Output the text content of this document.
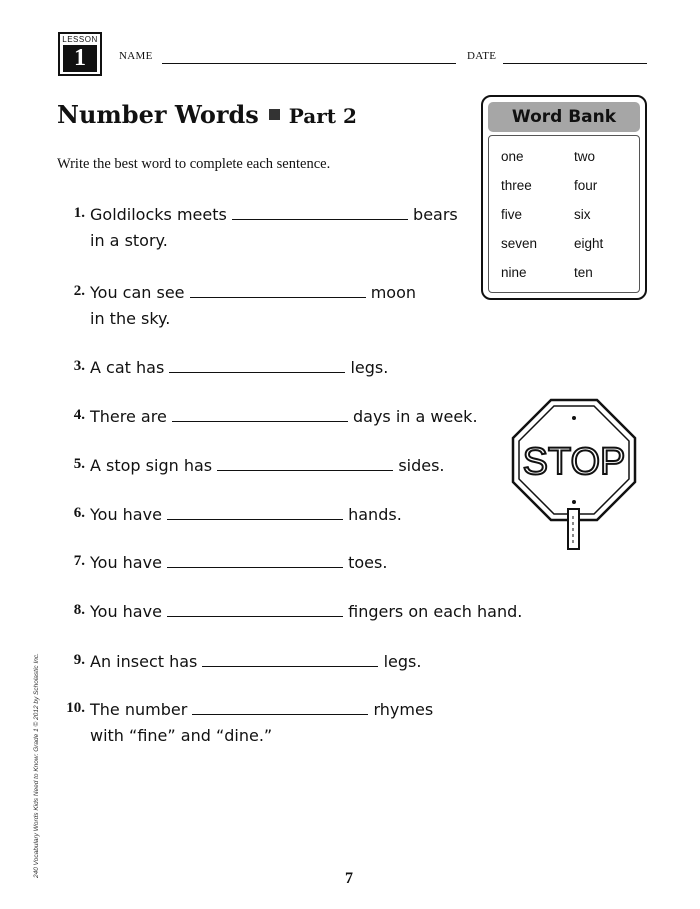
LESSON
1	NAME	DATE
Number Words Part 2
Write the best word to complete each sentence.
Word Bank
one	two
three	four
five	six
seven	eight
nine	ten
1. Goldilocks meets	bears
in a story.
2. You can see	moon
in the sky.
3. A cat has	legs.
4. There are	days in a week.
5. A stop sign has	sides.
6. You have	hands.
7. You have	toes.
8. You have	fingers on each hand.
9. An insect has	legs.
10. The number	rhymes
with “fine” and “dine.”
STOP
240 Vocabulary Words Kids Need to Know: Grade 1 © 2012 by Scholastic Inc.
7
